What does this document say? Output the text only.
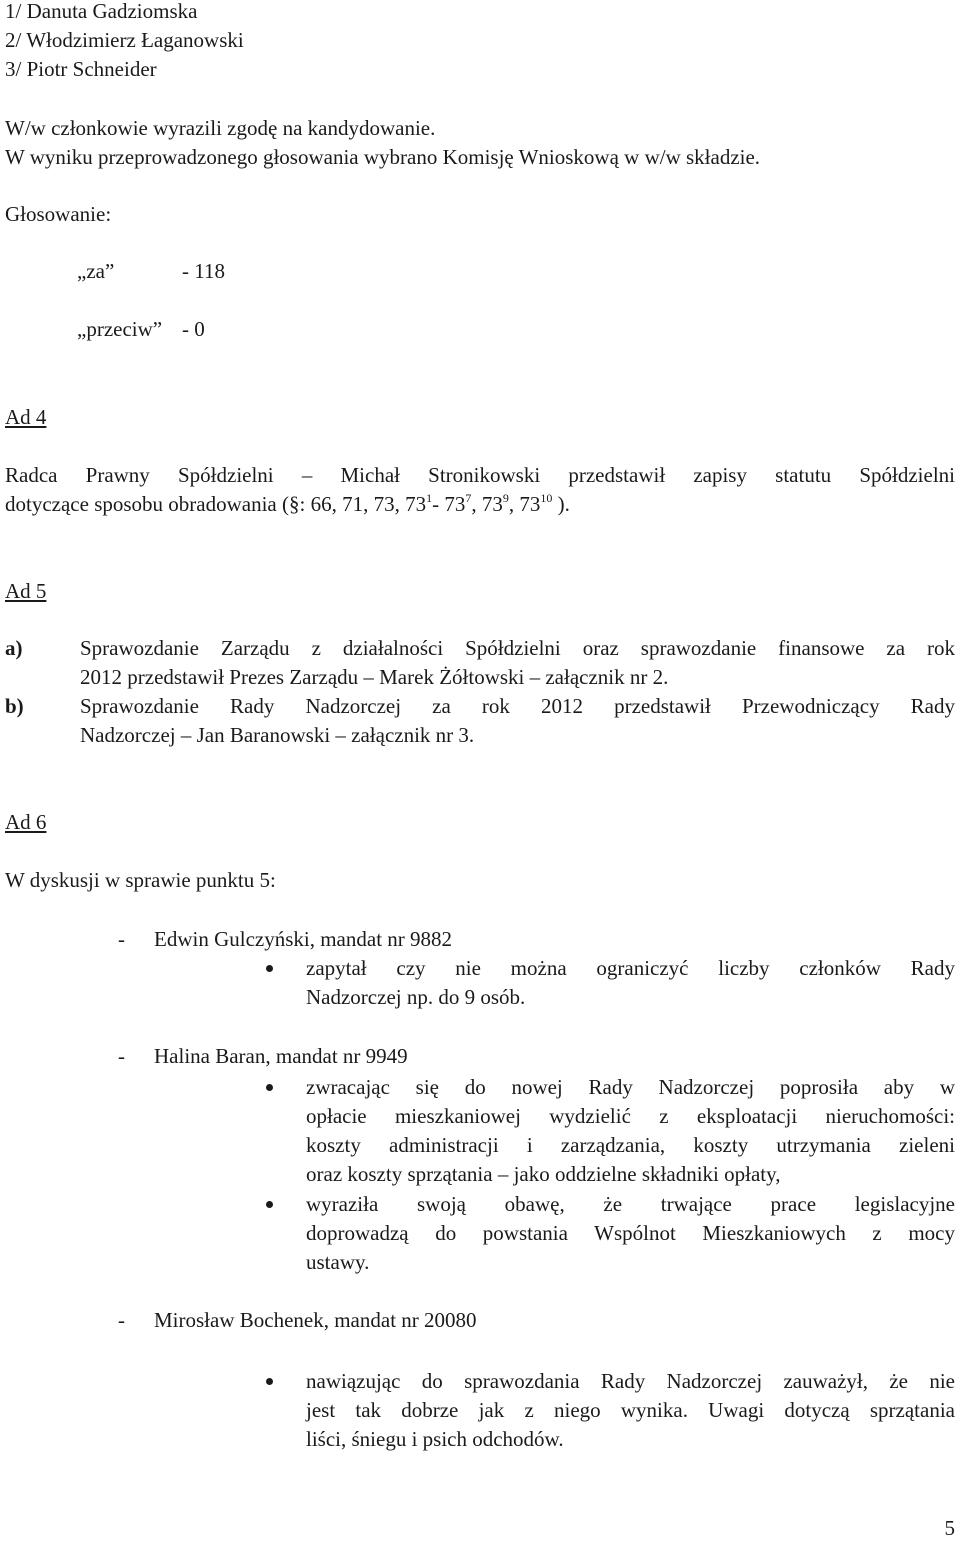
1/ Danuta Gadziomska
2/ Włodzimierz Łaganowski
3/ Piotr Schneider
W/w członkowie wyrazili zgodę na kandydowanie.
W wyniku przeprowadzonego głosowania wybrano Komisję Wnioskową w w/w składzie.
Głosowanie:
„za”	- 118
„przeciw” - 0
Ad 4
Radca Prawny Spółdzielni – Michał Stronikowski przedstawił zapisy statutu Spółdzielni
dotyczące sposobu obradowania (§: 66, 71, 73, $73^1-$ $73^7$, $73^9$, $73^{10}$ ).
Ad 5
a)	Sprawozdanie Zarządu z działalności Spółdzielni oraz sprawozdanie finansowe za rok
2012 przedstawił Prezes Zarządu – Marek Żółtowski – załącznik nr 2.
b)	Sprawozdanie Rady Nadzorczej za rok 2012 przedstawił Przewodniczący Rady
Nadzorczej – Jan Baranowski – załącznik nr 3.
Ad 6
W dyskusji w sprawie punktu 5:
- Edwin Gulczyński, mandat nr 9882
zapytał czy nie można ograniczyć liczby członków Rady
Nadzorczej np. do 9 osób.
- Halina Baran, mandat nr 9949
zwracając się do nowej Rady Nadzorczej poprosiła aby w
opłacie mieszkaniowej wydzielić z eksploatacji nieruchomości:
koszty administracji i zarządzania, koszty utrzymania zieleni
oraz koszty sprzątania – jako oddzielne składniki opłaty,
wyraziła swoją obawę, że trwające prace legislacyjne
doprowadzą do powstania Wspólnot Mieszkaniowych z mocy
ustawy.
- Mirosław Bochenek, mandat nr 20080
nawiązując do sprawozdania Rady Nadzorczej zauważył, że nie
jest tak dobrze jak z niego wynika. Uwagi dotyczą sprzątania
liści, śniegu i psich odchodów.
5
